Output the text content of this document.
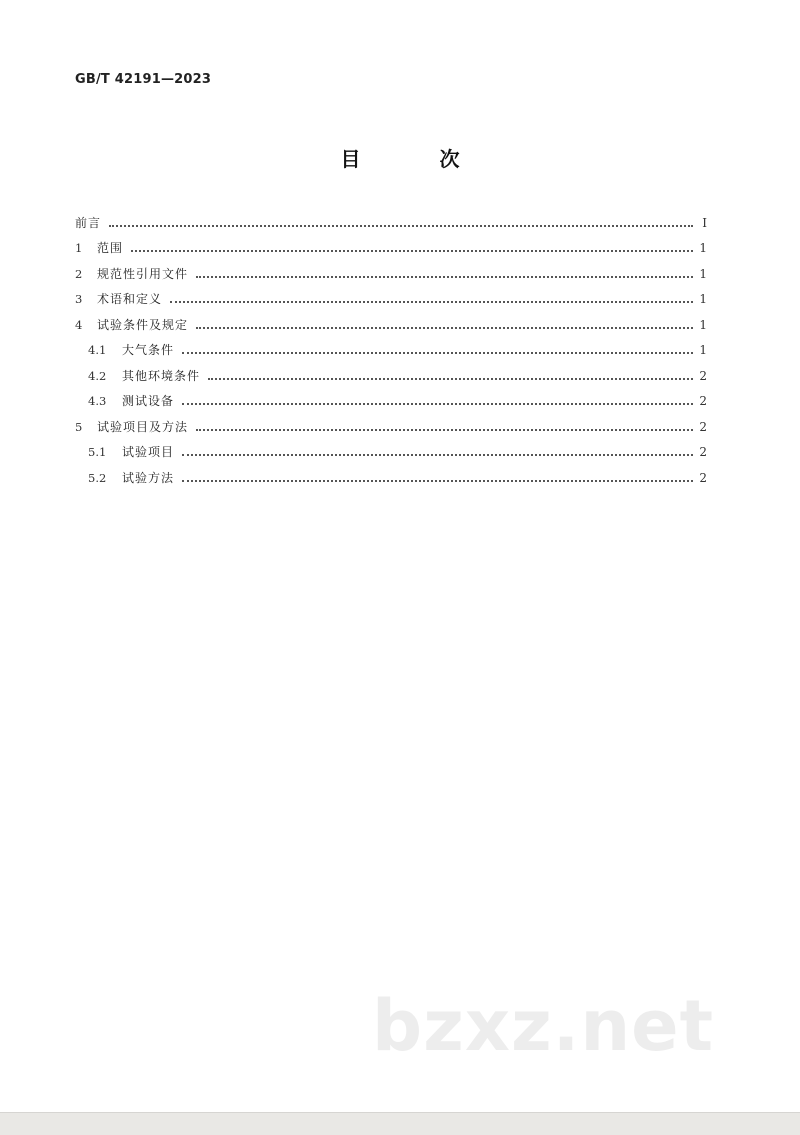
GB/T 42191—2023
目 次
前言	Ⅰ
1	范围	1
2	规范性引用文件	1
3	术语和定义	1
4	试验条件及规定	1
4.1	大气条件	1
4.2	其他环境条件	2
4.3	测试设备	2
5	试验项目及方法	2
5.1	试验项目	2
5.2	试验方法	2
bzxz.net
